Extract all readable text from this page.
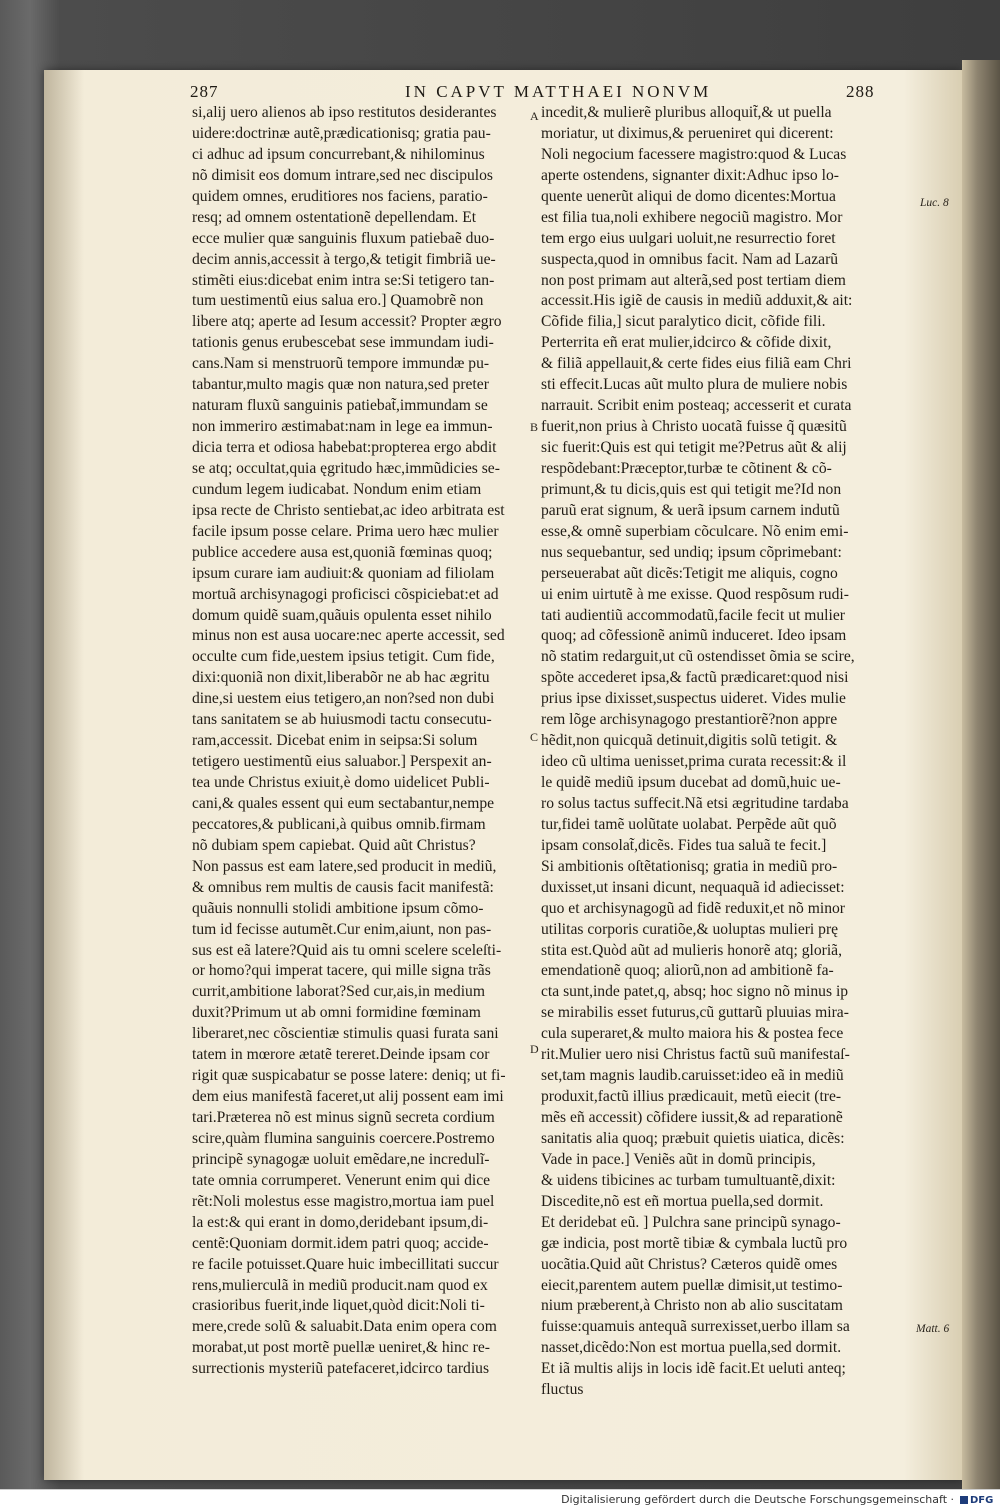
287	IN CAPVT MATTHAEI NONVM	288
si,alij uero alienos ab ipso restitutos desiderantes
uidere:doctrinæ autẽ,prædicationisq; gratia pau-
ci adhuc ad ipsum concurrebant,& nihilominus
nõ dimisit eos domum intrare,sed nec discipulos
quidem omnes, eruditiores nos faciens, paratio-
resq; ad omnem ostentationẽ depellendam. Et
ecce mulier quæ sanguinis fluxum patiebaẽ duo-
decim annis,accessit à tergo,& tetigit fimbriã ue-
stimẽti eius:dicebat enim intra se:Si tetigero tan-
tum uestimentũ eius salua ero.] Quamobrẽ non
libere atq; aperte ad Iesum accessit? Propter ægro
tationis genus erubescebat sese immundam iudi-
cans.Nam si menstruorũ tempore immundæ pu-
tabantur,multo magis quæ non natura,sed preter
naturam fluxũ sanguinis patiebat̃,immundam se
non immeriro æstimabat:nam in lege ea immun-
dicia terra et odiosa habebat:propterea ergo abdit
se atq; occultat,quia ęgritudo hæc,immũdicies se-
cundum legem iudicabat. Nondum enim etiam
ipsa recte de Christo sentiebat,ac ideo arbitrata est
facile ipsum posse celare. Prima uero hæc mulier
publice accedere ausa est,quoniã fœminas quoq;
ipsum curare iam audiuit:& quoniam ad filiolam
mortuã archisynagogi proficisci cõspiciebat:et ad
domum quidẽ suam,quãuis opulenta esset nihilo
minus non est ausa uocare:nec aperte accessit, sed
occulte cum fide,uestem ipsius tetigit. Cum fide,
dixi:quoniã non dixit,liberabõr ne ab hac ægritu
dine,si uestem eius tetigero,an non?sed non dubi
tans sanitatem se ab huiusmodi tactu consecutu-
ram,accessit. Dicebat enim in seipsa:Si solum
tetigero uestimentũ eius saluabor.] Perspexit an-
tea unde Christus exiuit,è domo uidelicet Publi-
cani,& quales essent qui eum sectabantur,nempe
peccatores,& publicani,à quibus omnib.firmam
nõ dubiam spem capiebat. Quid aũt Christus?
Non passus est eam latere,sed producit in mediũ,
& omnibus rem multis de causis facit manifestã:
quãuis nonnulli stolidi ambitione ipsum cõmo-
tum id fecisse autumẽt.Cur enim,aiunt, non pas-
sus est eã latere?Quid ais tu omni scelere sceleſti-
or homo?qui imperat tacere, qui mille signa trãs
currit,ambitione laborat?Sed cur,ais,in medium
duxit?Primum ut ab omni formidine fœminam
liberaret,nec cõscientiæ stimulis quasi furata sani
tatem in mœrore ætatẽ tereret.Deinde ipsam cor
rigit quæ suspicabatur se posse latere: deniq; ut fi-
dem eius manifestã faceret,ut alij possent eam imi
tari.Præterea nõ est minus signũ secreta cordium
scire,quàm flumina sanguinis coercere.Postremo
principẽ synagogæ uoluit emẽdare,ne incredulĩ-
tate omnia corrumperet. Venerunt enim qui dice
rẽt:Noli molestus esse magistro,mortua iam puel
la est:& qui erant in domo,deridebant ipsum,di-
centẽ:Quoniam dormit.idem patri quoq; accide-
re facile potuisset.Quare huic imbecillitati succur
rens,mulierculã in mediũ producit.nam quod ex
crasioribus fuerit,inde liquet,quòd dicit:Noli ti-
mere,crede solũ & saluabit.Data enim opera com
morabat,ut post mortẽ puellæ ueniret,& hinc re-
surrectionis mysteriũ patefaceret,idcirco tardius
incedit,& mulierẽ pluribus alloquit̃,& ut puella
moriatur, ut diximus,& perueniret qui dicerent:
Noli negocium facessere magistro:quod & Lucas
aperte ostendens, signanter dixit:Adhuc ipso lo-
quente uenerũt aliqui de domo dicentes:Mortua
est filia tua,noli exhibere negociũ magistro. Mor
tem ergo eius uulgari uoluit,ne resurrectio foret
suspecta,quod in omnibus facit. Nam ad Lazarũ
non post primam aut alterã,sed post tertiam diem
accessit.His igiẽ de causis in mediũ adduxit,& ait:
Cõfide filia,] sicut paralytico dicit, cõfide fili.
Perterrita eñ erat mulier,idcirco & cõfide dixit,
& filiã appellauit,& certe fides eius filiã eam Chri
sti effecit.Lucas aũt multo plura de muliere nobis
narrauit. Scribit enim posteaq; accesserit et curata
fuerit,non prius à Christo uocatã fuisse q̃ quæsitũ
sic fuerit:Quis est qui tetigit me?Petrus aũt & alij
respõdebant:Præceptor,turbæ te cõtinent & cõ-
primunt,& tu dicis,quis est qui tetigit me?Id non
paruũ erat signum, & uerã ipsum carnem indutũ
esse,& omnẽ superbiam cõculcare. Nõ enim emi-
nus sequebantur, sed undiq; ipsum cõprimebant:
perseuerabat aũt dicẽs:Tetigit me aliquis, cogno
ui enim uirtutẽ à me exisse. Quod respõsum rudi-
tati audientiũ accommodatũ,facile fecit ut mulier
quoq; ad cõfessionẽ animũ induceret. Ideo ipsam
nõ statim redarguit,ut cũ ostendisset õmia se scire,
spõte accederet ipsa,& factũ prædicaret:quod nisi
prius ipse dixisset,suspectus uideret. Vides mulie
rem lõge archisynagogo prestantiorẽ?non appre
hẽdit,non quicquã detinuit,digitis solũ tetigit. &
ideo cũ ultima uenisset,prima curata recessit:& il
le quidẽ mediũ ipsum ducebat ad domũ,huic ue-
ro solus tactus suffecit.Nã etsi ægritudine tardaba
tur,fidei tamẽ uolũtate uolabat. Perpẽde aũt quõ
ipsam consolat̃,dicẽs. Fides tua saluã te fecit.]
Si ambitionis oſtẽtationisq; gratia in mediũ pro-
duxisset,ut insani dicunt, nequaquã id adiecisset:
quo et archisynagogũ ad fidẽ reduxit,et nõ minor
utilitas corporis curatiõe,& uoluptas mulieri prę
stita est.Quòd aũt ad mulieris honorẽ atq; gloriã,
emendationẽ quoq; aliorũ,non ad ambitionẽ fa-
cta sunt,inde patet,q, absq; hoc signo nõ minus ip
se mirabilis esset futurus,cũ guttarũ pluuias mira-
cula superaret,& multo maiora his & postea fece
rit.Mulier uero nisi Christus factũ suũ manifestaſ-
set,tam magnis laudib.caruisset:ideo eã in mediũ
produxit,factũ illius prædicauit, metũ eiecit (tre-
mẽs eñ accessit) cõfidere iussit,& ad reparationẽ
sanitatis alia quoq; præbuit quietis uiatica, dicẽs:
Vade in pace.] Veniẽs aũt in domũ principis,
& uidens tibicines ac turbam tumultuantẽ,dixit:
Discedite,nõ est eñ mortua puella,sed dormit.
Et deridebat eũ. ] Pulchra sane principũ synago-
gæ indicia, post mortẽ tibiæ & cymbala luctũ pro
uocãtia.Quid aũt Christus? Cæteros quidẽ omes
eiecit,parentem autem puellæ dimisit,ut testimo-
nium præberent,à Christo non ab alio suscitatam
fuisse:quamuis antequã surrexisset,uerbo illam sa
nasset,dicẽdo:Non est mortua puella,sed dormit.
Et iã multis alijs in locis idẽ facit.Et ueluti anteq;
fluctus
A
B
C
D
Luc. 8
Matt. 6
Digitalisierung gefördert durch die Deutsche Forschungsgemeinschaft · DFG
